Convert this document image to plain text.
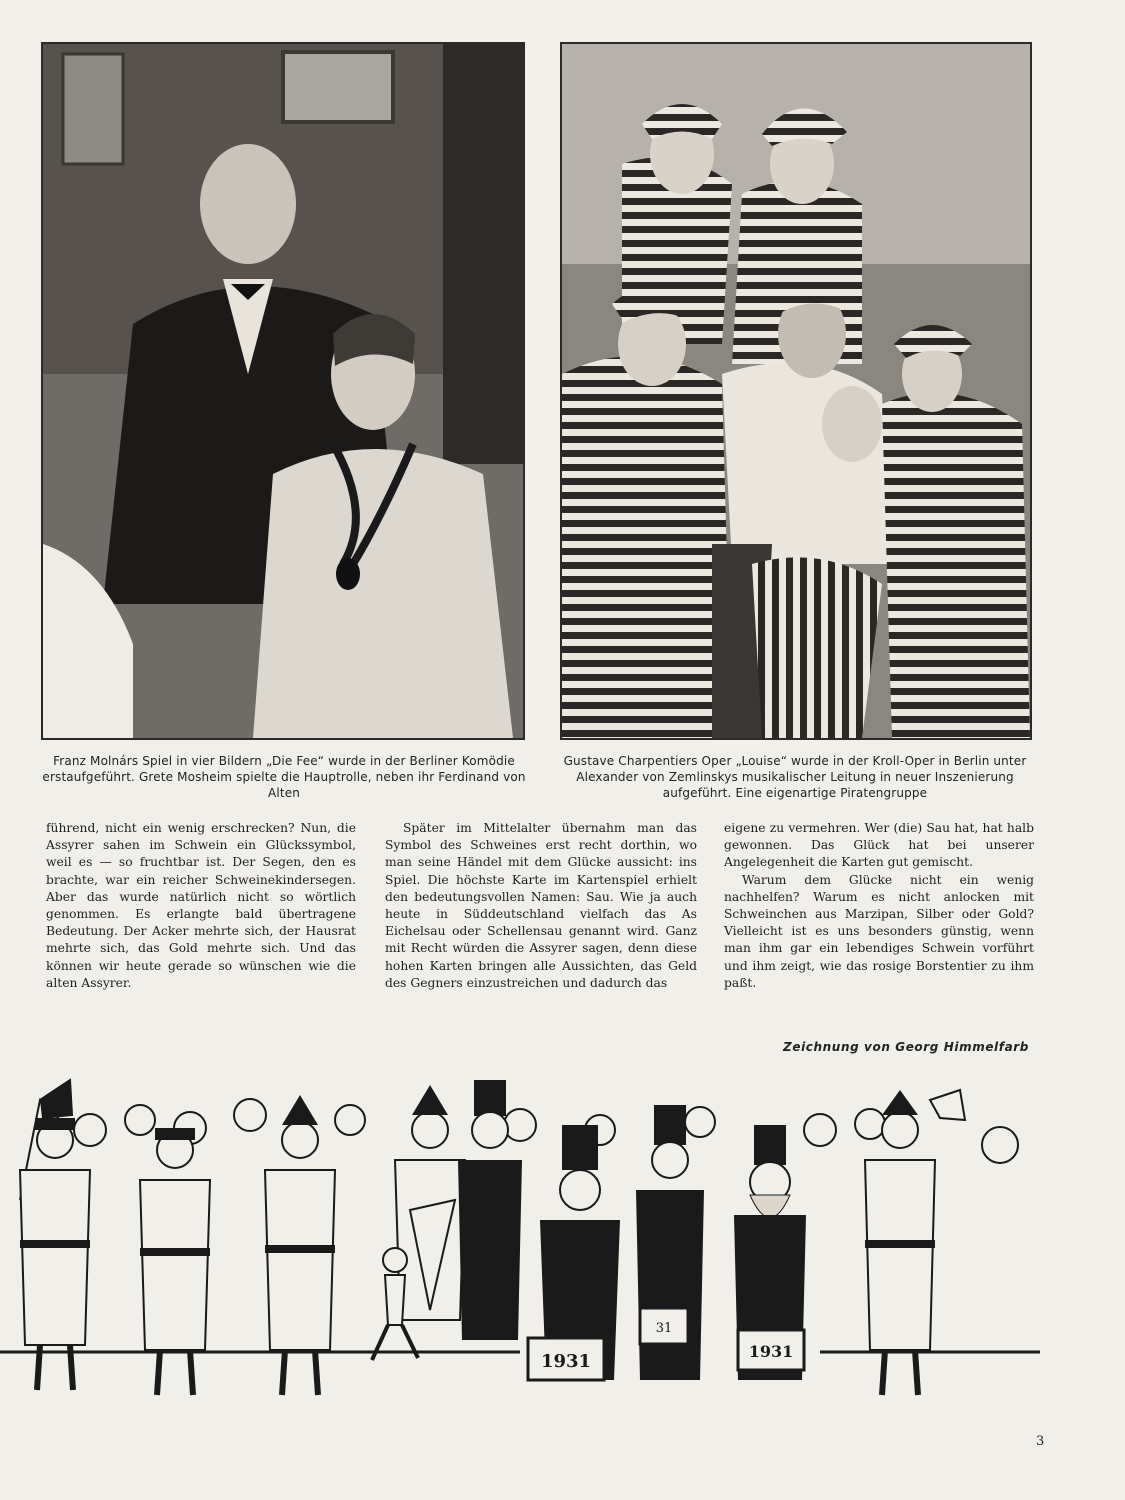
Franz Molnárs Spiel in vier Bildern „Die Fee“ wurde in der Berliner Komödie erstaufgeführt. Grete Mosheim spielte die Hauptrolle, neben ihr Ferdinand von Alten
Gustave Charpentiers Oper „Louise“ wurde in der Kroll-Oper in Berlin unter Alexander von Zemlinskys musikalischer Leitung in neuer Inszenierung aufgeführt. Eine eigenartige Piratengruppe

führend, nicht ein wenig erschrecken? Nun, die Assyrer sahen im Schwein ein Glückssymbol, weil es — so fruchtbar ist. Der Segen, den es brachte, war ein reicher Schweinekindersegen. Aber das wurde natürlich nicht so wörtlich genommen. Es erlangte bald übertragene Bedeutung. Der Acker mehrte sich, der Hausrat mehrte sich, das Gold mehrte sich. Und das können wir heute gerade so wünschen wie die alten Assyrer.

Später im Mittelalter übernahm man das Symbol des Schweines erst recht dorthin, wo man seine Händel mit dem Glücke aussicht: ins Spiel. Die höchste Karte im Kartenspiel erhielt den bedeutungsvollen Namen: Sau. Wie ja auch heute in Süddeutschland vielfach das As Eichelsau oder Schellensau genannt wird. Ganz mit Recht würden die Assyrer sagen, denn diese hohen Karten bringen alle Aussichten, das Geld des Gegners einzustreichen und dadurch das

eigene zu vermehren. Wer (die) Sau hat, hat halb gewonnen. Das Glück hat bei unserer Angelegenheit die Karten gut gemischt.

Warum dem Glücke nicht ein wenig nachhelfen? Warum es nicht anlocken mit Schweinchen aus Marzipan, Silber oder Gold? Vielleicht ist es uns besonders günstig, wenn man ihm gar ein lebendiges Schwein vorführt und ihm zeigt, wie das rosige Borstentier zu ihm paßt.

Zeichnung von Georg Himmelfarb
1931
31
1931
3
